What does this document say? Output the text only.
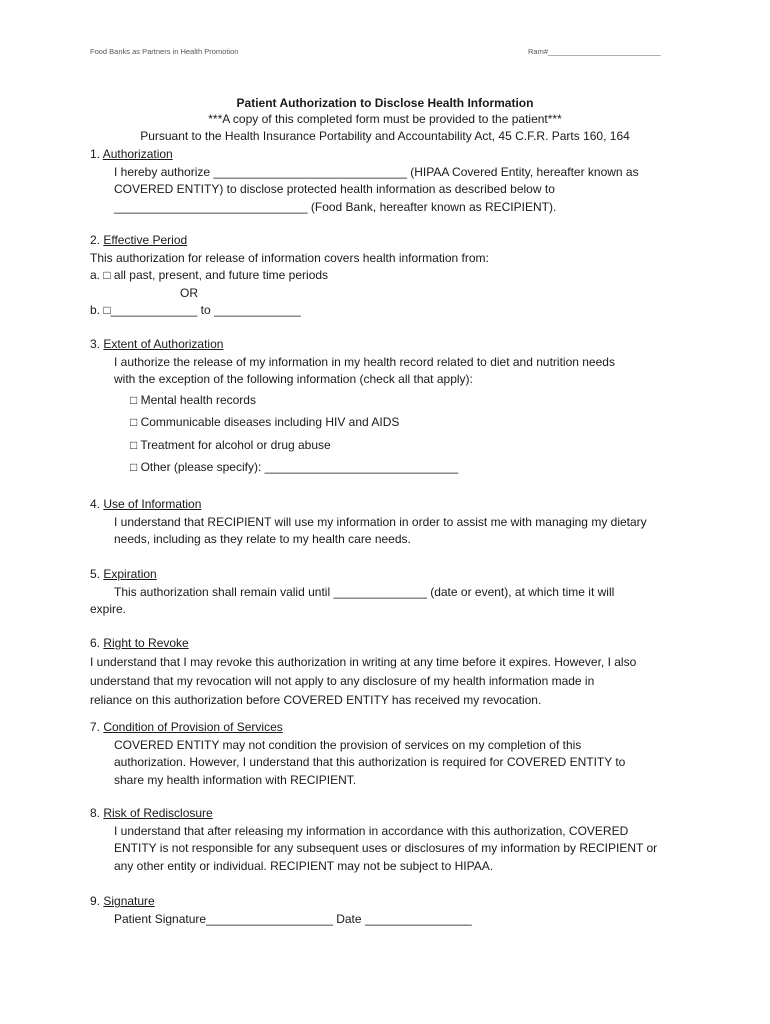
Food Banks as Partners in Health Promotion	Ram#___________________________
Patient Authorization to Disclose Health Information
***A copy of this completed form must be provided to the patient***
Pursuant to the Health Insurance Portability and Accountability Act, 45 C.F.R. Parts 160, 164
1. Authorization
I hereby authorize _____________________________ (HIPAA Covered Entity, hereafter known as
COVERED ENTITY) to disclose protected health information as described below to
_____________________________ (Food Bank, hereafter known as RECIPIENT).
2. Effective Period
This authorization for release of information covers health information from:
a. □ all past, present, and future time periods
OR
b. □_____________ to _____________
3. Extent of Authorization
I authorize the release of my information in my health record related to diet and nutrition needs
with the exception of the following information (check all that apply):
□ Mental health records
□ Communicable diseases including HIV and AIDS
□ Treatment for alcohol or drug abuse
□ Other (please specify): _____________________________
4. Use of Information
I understand that RECIPIENT will use my information in order to assist me with managing my dietary
needs, including as they relate to my health care needs.
5. Expiration
This authorization shall remain valid until ______________ (date or event), at which time it will
expire.
6. Right to Revoke
I understand that I may revoke this authorization in writing at any time before it expires. However, I also
understand that my revocation will not apply to any disclosure of my health information made in
reliance on this authorization before COVERED ENTITY has received my revocation.
7. Condition of Provision of Services
COVERED ENTITY may not condition the provision of services on my completion of this
authorization. However, I understand that this authorization is required for COVERED ENTITY to
share my health information with RECIPIENT.
8. Risk of Redisclosure
I understand that after releasing my information in accordance with this authorization, COVERED
ENTITY is not responsible for any subsequent uses or disclosures of my information by RECIPIENT or
any other entity or individual. RECIPIENT may not be subject to HIPAA.
9. Signature
Patient Signature___________________ Date ________________
